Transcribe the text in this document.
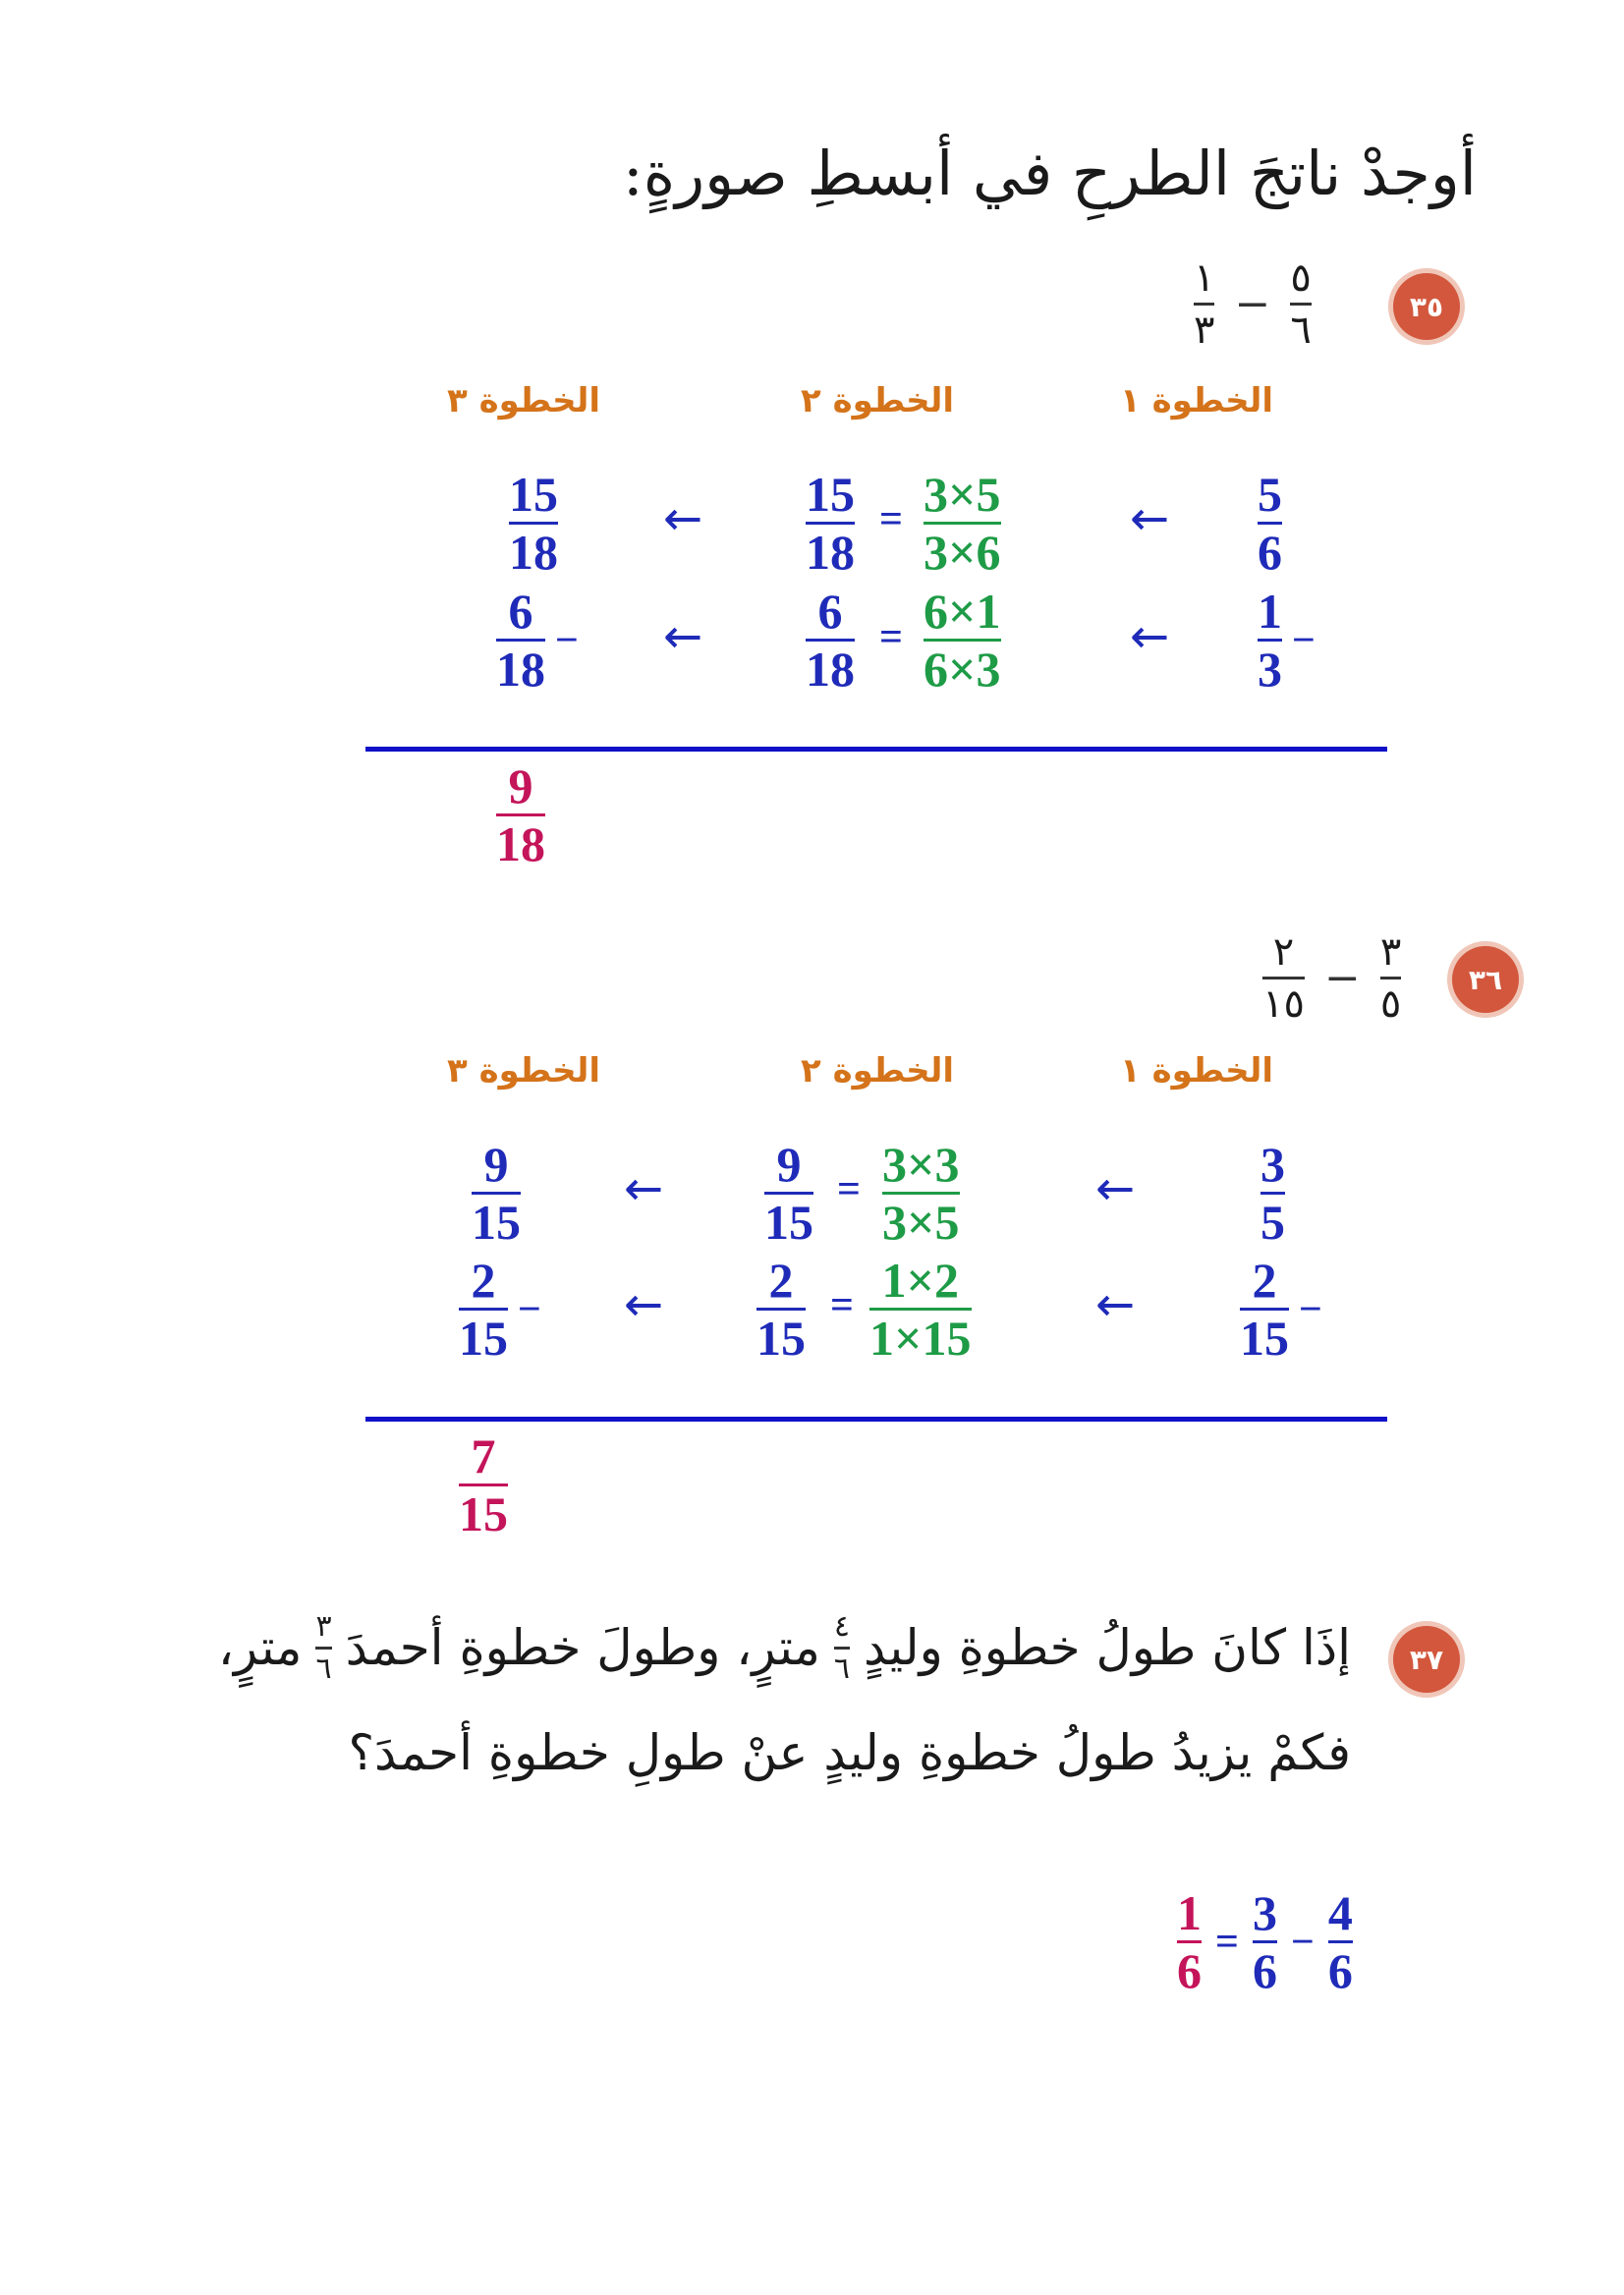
أوجدْ ناتجَ الطرحِ في أبسطِ صورةٍ:
٣٥
١
٣
−
٥
٦
الخطوة ١
الخطوة ٢
الخطوة ٣
5
6
←
3×5
3×6
=
15
18
←
15
18
$\frac{1}{3}$ −
←
6×1
6×3
=
6
18
←
$\frac{6}{18}$ −
9
18
٣٦
٢
١٥
−
٣
٥
الخطوة ١
الخطوة ٢
الخطوة ٣
3
5
←
3×3
3×5
=
9
15
←
9
15
$\frac{2}{15}$ −
←
1×2
1×15
=
2
15
←
$\frac{2}{15}$ −
7
15
٣٧
إذَا كانَ طولُ خطوةِ وليدٍ
٤
٦
مترٍ، وطولَ خطوةِ أحمدَ
٣
٦
مترٍ،
فكمْ يزيدُ طولُ خطوةِ وليدٍ عنْ طولِ خطوةِ أحمدَ؟
$\frac{1}{6} = \frac{3}{6} - \frac{4}{6}$
